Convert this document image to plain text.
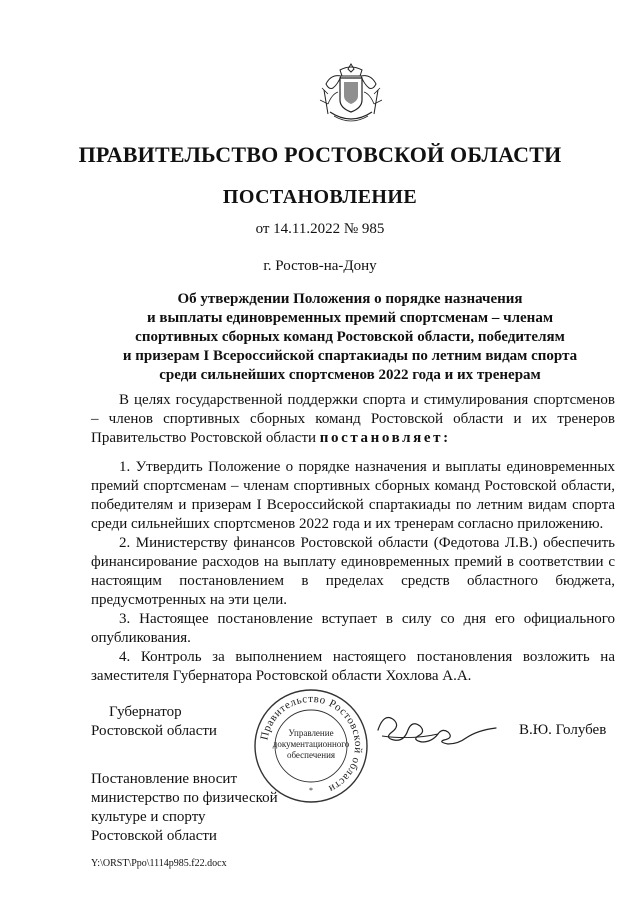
ПРАВИТЕЛЬСТВО РОСТОВСКОЙ ОБЛАСТИ
ПОСТАНОВЛЕНИЕ
от 14.11.2022 № 985
г. Ростов-на-Дону
Об утверждении Положения о порядке назначения
и выплаты единовременных премий спортсменам – членам
спортивных сборных команд Ростовской области, победителям
и призерам I Всероссийской спартакиады по летним видам спорта
среди сильнейших спортсменов 2022 года и их тренерам

В целях государственной поддержки спорта и стимулирования спортсменов – членов спортивных сборных команд Ростовской области и их тренеров Правительство Ростовской области постановляет:

1. Утвердить Положение о порядке назначения и выплаты единовременных премий спортсменам – членам спортивных сборных команд Ростовской области, победителям и призерам I Всероссийской спартакиады по летним видам спорта среди сильнейших спортсменов 2022 года и их тренерам согласно приложению.

2. Министерству финансов Ростовской области (Федотова Л.В.) обеспечить финансирование расходов на выплату единовременных премий в соответствии с настоящим постановлением в пределах средств областного бюджета, предусмотренных на эти цели.

3. Настоящее постановление вступает в силу со дня его официального опубликования.

4. Контроль за выполнением настоящего постановления возложить на заместителя Губернатора Ростовской области Хохлова А.А.

Губернатор
Ростовской области	Правительство Ростовской области
Управление
документационного
обеспечения
*
В.Ю. Голубев
Постановление вносит
министерство по физической
культуре и спорту
Ростовской области
Y:\ORST\Ppo\1114p985.f22.docx
